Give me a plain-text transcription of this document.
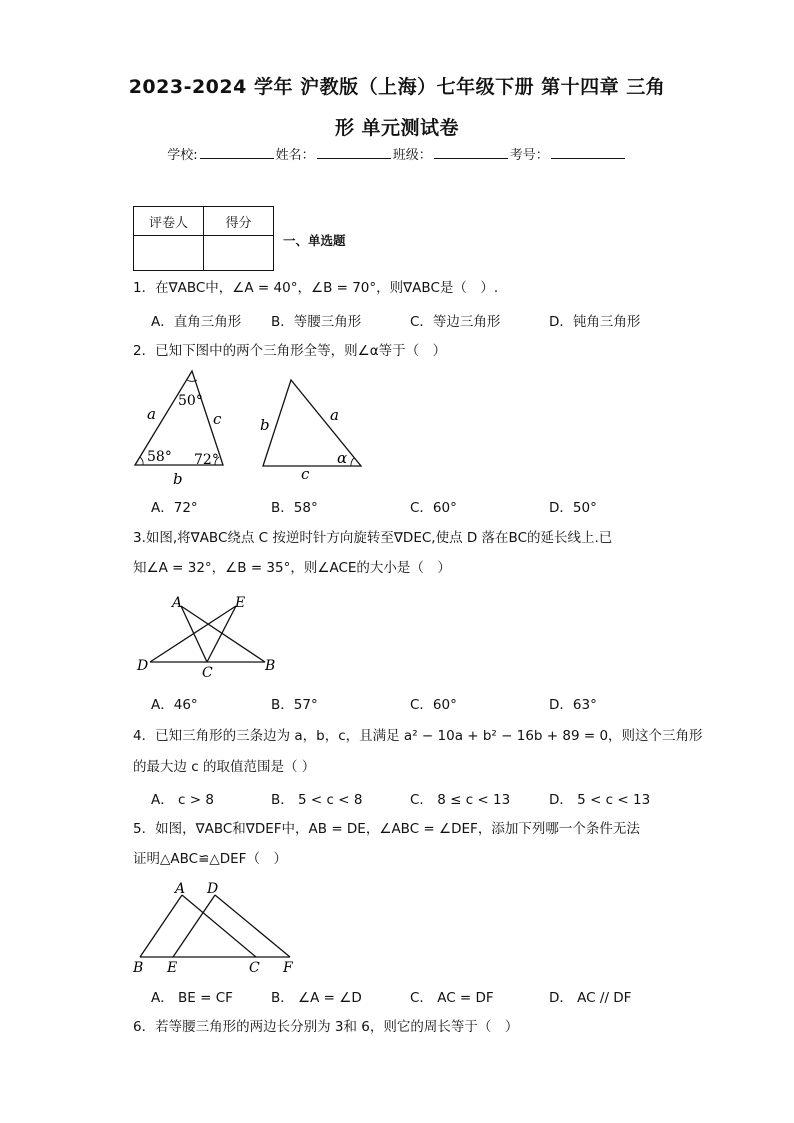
2023-2024 学年 沪教版（上海）七年级下册 第十四章 三角
形 单元测试卷
学校:	姓名：	班级：	考号：
评卷人	得分

一、单选题
1．在∇ABC中，∠A = 40°，∠B = 70°，则∇ABC是（　）.
A．直角三角形 B．等腰三角形	C．等边三角形	D．钝角三角形
2．已知下图中的两个三角形全等，则∠α等于（　）
a	c
b
50°
58° 72°
b
a
c
α
A．72°	B．58°	C．60°	D．50°
3.如图,将∇ABC绕点 C 按逆时针方向旋转至∇DEC,使点 D 落在BC的延长线上.已
知∠A = 32°，∠B = 35°，则∠ACE的大小是（　）
A	E
D	C	B
A．46°	B．57°	C．60°	D．63°
4．已知三角形的三条边为 a，b，c，且满足 a² − 10a + b² − 16b + 89 = 0，则这个三角形
的最大边 c 的取值范围是（ ）
A． c > 8	B． 5 < c < 8	C． 8 ≤ c < 13	D． 5 < c < 13
5．如图，∇ABC和∇DEF中，AB = DE，∠ABC = ∠DEF，添加下列哪一个条件无法
证明△ABC≌△DEF（　）
A D
B E	C F
A． BE = CF	B． ∠A = ∠D	C． AC = DF	D． AC // DF
6．若等腰三角形的两边长分别为 3和 6，则它的周长等于（　）
